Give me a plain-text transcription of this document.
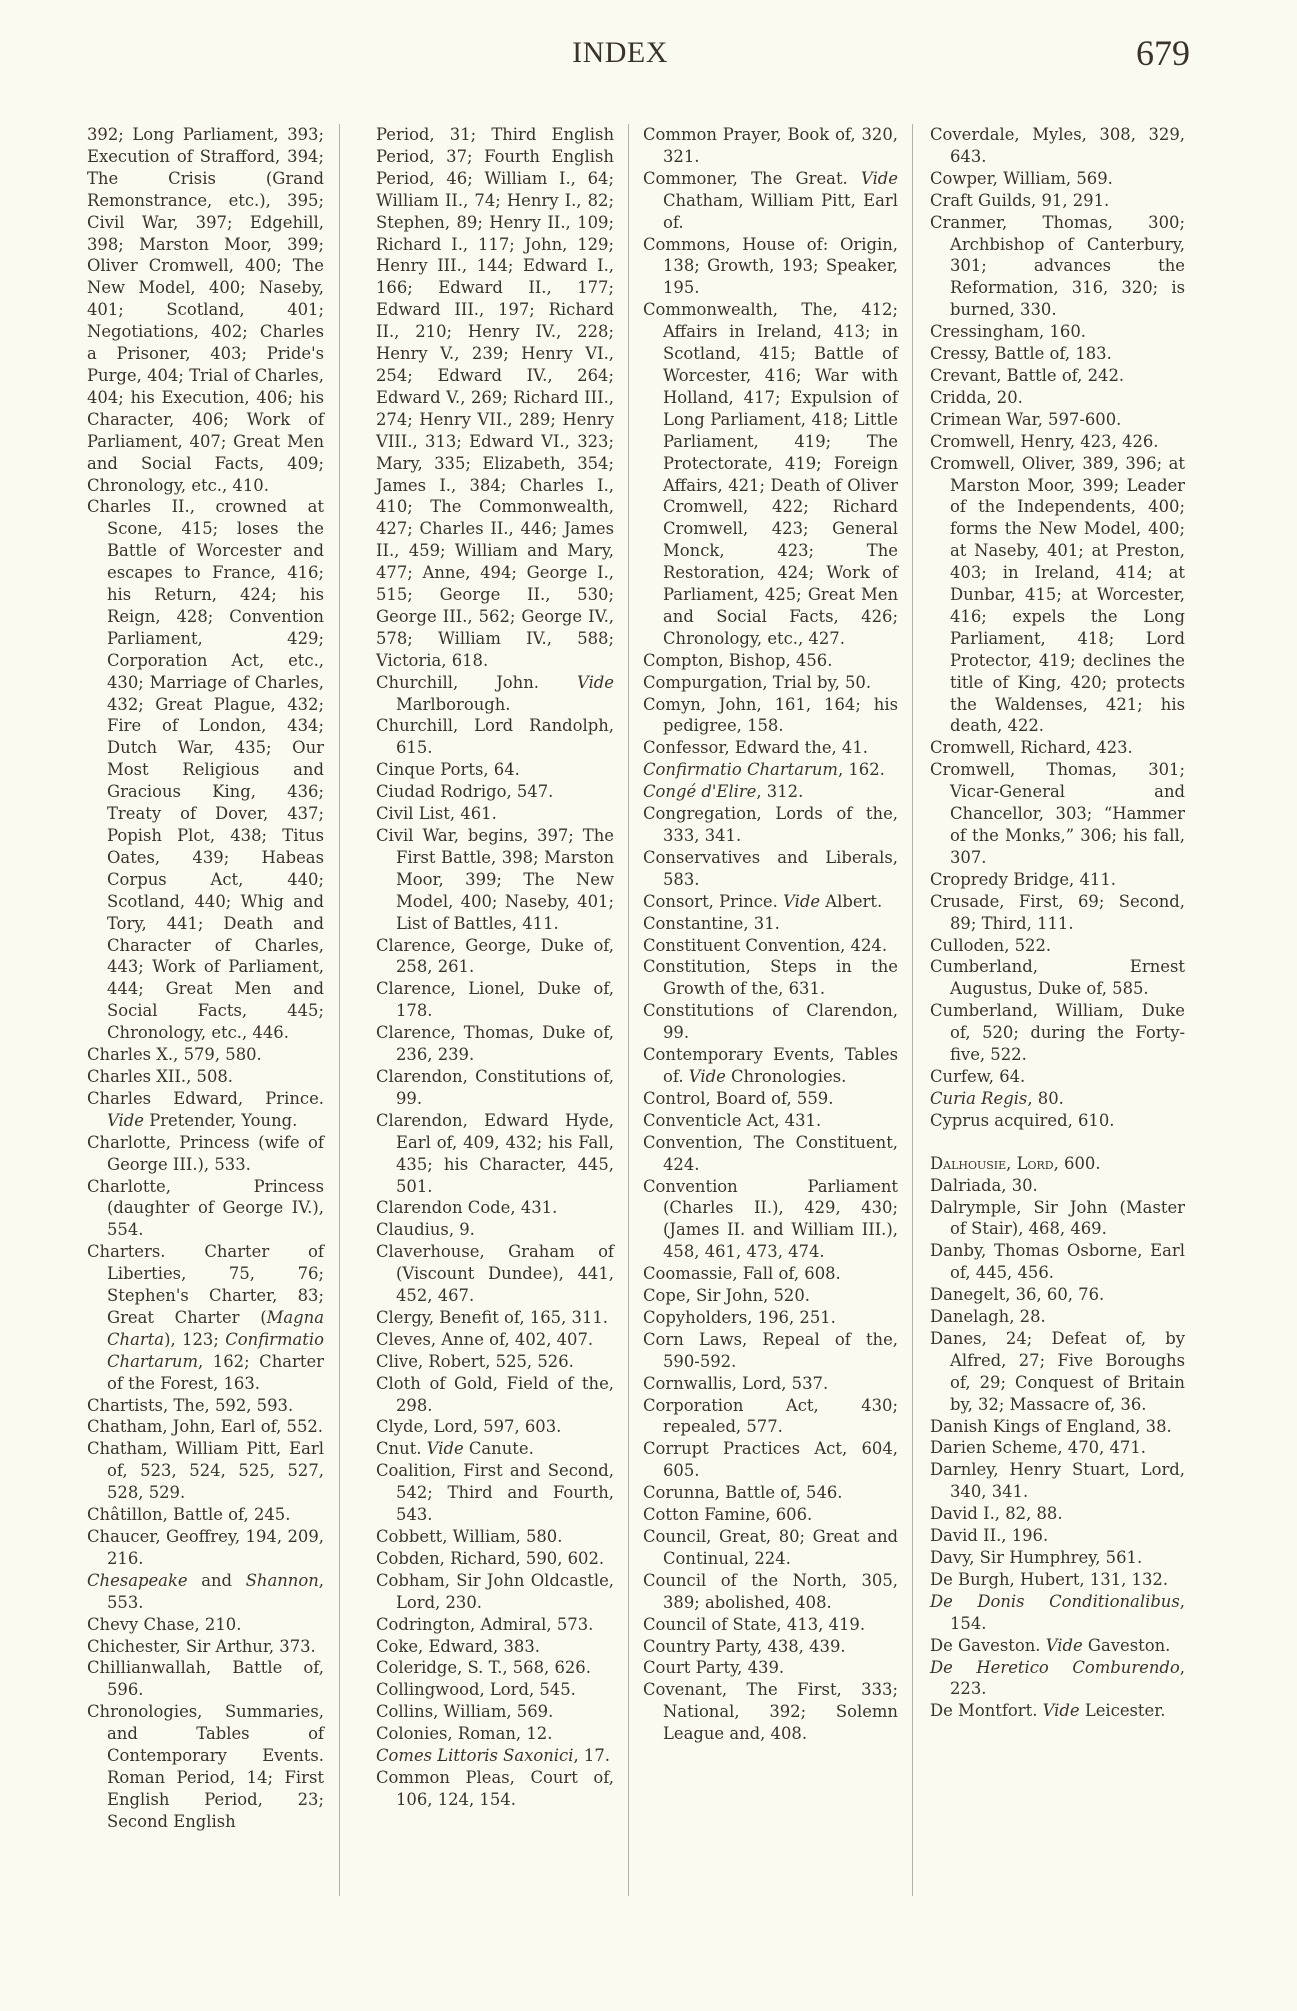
INDEX	679

392; Long Parliament, 393; Execution of Strafford, 394; The Crisis (Grand Remonstrance, etc.), 395; Civil War, 397; Edgehill, 398; Marston Moor, 399; Oliver Cromwell, 400; The New Model, 400; Naseby, 401; Scotland, 401; Negotiations, 402; Charles a Prisoner, 403; Pride's Purge, 404; Trial of Charles, 404; his Execution, 406; his Character, 406; Work of Parliament, 407; Great Men and Social Facts, 409; Chronology, etc., 410.

Charles II., crowned at Scone, 415; loses the Battle of Worcester and escapes to France, 416; his Return, 424; his Reign, 428; Convention Parliament, 429; Corporation Act, etc., 430; Marriage of Charles, 432; Great Plague, 432; Fire of London, 434; Dutch War, 435; Our Most Religious and Gracious King, 436; Treaty of Dover, 437; Popish Plot, 438; Titus Oates, 439; Habeas Corpus Act, 440; Scotland, 440; Whig and Tory, 441; Death and Character of Charles, 443; Work of Parliament, 444; Great Men and Social Facts, 445; Chronology, etc., 446.

Charles X., 579, 580.

Charles XII., 508.

Charles Edward, Prince. Vide Pretender, Young.

Charlotte, Princess (wife of George III.), 533.

Charlotte, Princess (daughter of George IV.), 554.

Charters. Charter of Liberties, 75, 76; Stephen's Charter, 83; Great Charter (Magna Charta), 123; Confirmatio Chartarum, 162; Charter of the Forest, 163.

Chartists, The, 592, 593.

Chatham, John, Earl of, 552.

Chatham, William Pitt, Earl of, 523, 524, 525, 527, 528, 529.

Châtillon, Battle of, 245.

Chaucer, Geoffrey, 194, 209, 216.

Chesapeake and Shannon, 553.

Chevy Chase, 210.

Chichester, Sir Arthur, 373.

Chillianwallah, Battle of, 596.

Chronologies, Summaries, and Tables of Contemporary Events. Roman Period, 14; First English Period, 23; Second English

Period, 31; Third English Period, 37; Fourth English Period, 46; William I., 64; William II., 74; Henry I., 82; Stephen, 89; Henry II., 109; Richard I., 117; John, 129; Henry III., 144; Edward I., 166; Edward II., 177; Edward III., 197; Richard II., 210; Henry IV., 228; Henry V., 239; Henry VI., 254; Edward IV., 264; Edward V., 269; Richard III., 274; Henry VII., 289; Henry VIII., 313; Edward VI., 323; Mary, 335; Elizabeth, 354; James I., 384; Charles I., 410; The Commonwealth, 427; Charles II., 446; James II., 459; William and Mary, 477; Anne, 494; George I., 515; George II., 530; George III., 562; George IV., 578; William IV., 588; Victoria, 618.

Churchill, John. Vide Marlborough.

Churchill, Lord Randolph, 615.

Cinque Ports, 64.

Ciudad Rodrigo, 547.

Civil List, 461.

Civil War, begins, 397; The First Battle, 398; Marston Moor, 399; The New Model, 400; Naseby, 401; List of Battles, 411.

Clarence, George, Duke of, 258, 261.

Clarence, Lionel, Duke of, 178.

Clarence, Thomas, Duke of, 236, 239.

Clarendon, Constitutions of, 99.

Clarendon, Edward Hyde, Earl of, 409, 432; his Fall, 435; his Character, 445, 501.

Clarendon Code, 431.

Claudius, 9.

Claverhouse, Graham of (Viscount Dundee), 441, 452, 467.

Clergy, Benefit of, 165, 311.

Cleves, Anne of, 402, 407.

Clive, Robert, 525, 526.

Cloth of Gold, Field of the, 298.

Clyde, Lord, 597, 603.

Cnut. Vide Canute.

Coalition, First and Second, 542; Third and Fourth, 543.

Cobbett, William, 580.

Cobden, Richard, 590, 602.

Cobham, Sir John Oldcastle, Lord, 230.

Codrington, Admiral, 573.

Coke, Edward, 383.

Coleridge, S. T., 568, 626.

Collingwood, Lord, 545.

Collins, William, 569.

Colonies, Roman, 12.

Comes Littoris Saxonici, 17.

Common Pleas, Court of, 106, 124, 154.

Common Prayer, Book of, 320, 321.

Commoner, The Great. Vide Chatham, William Pitt, Earl of.

Commons, House of: Origin, 138; Growth, 193; Speaker, 195.

Commonwealth, The, 412; Affairs in Ireland, 413; in Scotland, 415; Battle of Worcester, 416; War with Holland, 417; Expulsion of Long Parliament, 418; Little Parliament, 419; The Protectorate, 419; Foreign Affairs, 421; Death of Oliver Cromwell, 422; Richard Cromwell, 423; General Monck, 423; The Restoration, 424; Work of Parliament, 425; Great Men and Social Facts, 426; Chronology, etc., 427.

Compton, Bishop, 456.

Compurgation, Trial by, 50.

Comyn, John, 161, 164; his pedigree, 158.

Confessor, Edward the, 41.

Confirmatio Chartarum, 162.

Congé d'Elire, 312.

Congregation, Lords of the, 333, 341.

Conservatives and Liberals, 583.

Consort, Prince. Vide Albert.

Constantine, 31.

Constituent Convention, 424.

Constitution, Steps in the Growth of the, 631.

Constitutions of Clarendon, 99.

Contemporary Events, Tables of. Vide Chronologies.

Control, Board of, 559.

Conventicle Act, 431.

Convention, The Constituent, 424.

Convention Parliament (Charles II.), 429, 430; (James II. and William III.), 458, 461, 473, 474.

Coomassie, Fall of, 608.

Cope, Sir John, 520.

Copyholders, 196, 251.

Corn Laws, Repeal of the, 590-592.

Cornwallis, Lord, 537.

Corporation Act, 430; repealed, 577.

Corrupt Practices Act, 604, 605.

Corunna, Battle of, 546.

Cotton Famine, 606.

Council, Great, 80; Great and Continual, 224.

Council of the North, 305, 389; abolished, 408.

Council of State, 413, 419.

Country Party, 438, 439.

Court Party, 439.

Covenant, The First, 333; National, 392; Solemn League and, 408.

Coverdale, Myles, 308, 329, 643.

Cowper, William, 569.

Craft Guilds, 91, 291.

Cranmer, Thomas, 300; Archbishop of Canterbury, 301; advances the Reformation, 316, 320; is burned, 330.

Cressingham, 160.

Cressy, Battle of, 183.

Crevant, Battle of, 242.

Cridda, 20.

Crimean War, 597-600.

Cromwell, Henry, 423, 426.

Cromwell, Oliver, 389, 396; at Marston Moor, 399; Leader of the Independents, 400; forms the New Model, 400; at Naseby, 401; at Preston, 403; in Ireland, 414; at Dunbar, 415; at Worcester, 416; expels the Long Parliament, 418; Lord Protector, 419; declines the title of King, 420; protects the Waldenses, 421; his death, 422.

Cromwell, Richard, 423.

Cromwell, Thomas, 301; Vicar-General and Chancellor, 303; “Hammer of the Monks,” 306; his fall, 307.

Cropredy Bridge, 411.

Crusade, First, 69; Second, 89; Third, 111.

Culloden, 522.

Cumberland, Ernest Augustus, Duke of, 585.

Cumberland, William, Duke of, 520; during the Forty-five, 522.

Curfew, 64.

Curia Regis, 80.

Cyprus acquired, 610.

Dalhousie, Lord, 600.

Dalriada, 30.

Dalrymple, Sir John (Master of Stair), 468, 469.

Danby, Thomas Osborne, Earl of, 445, 456.

Danegelt, 36, 60, 76.

Danelagh, 28.

Danes, 24; Defeat of, by Alfred, 27; Five Boroughs of, 29; Conquest of Britain by, 32; Massacre of, 36.

Danish Kings of England, 38.

Darien Scheme, 470, 471.

Darnley, Henry Stuart, Lord, 340, 341.

David I., 82, 88.

David II., 196.

Davy, Sir Humphrey, 561.

De Burgh, Hubert, 131, 132.

De Donis Conditionalibus, 154.

De Gaveston. Vide Gaveston.

De Heretico Comburendo, 223.

De Montfort. Vide Leicester.
